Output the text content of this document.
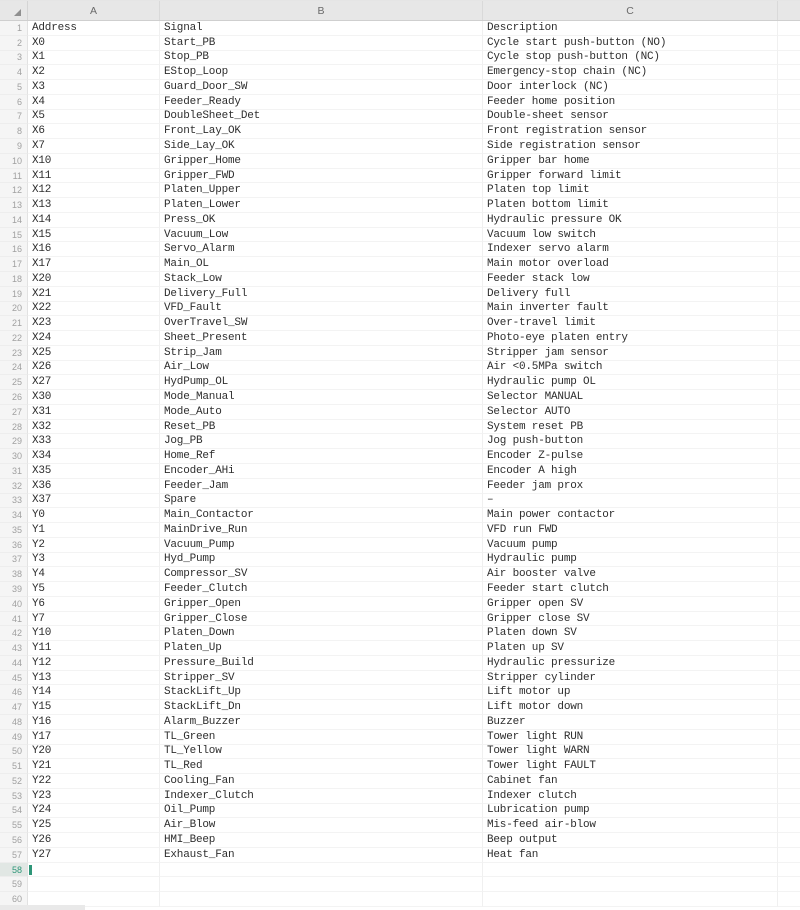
A	B	C
1 Address	Signal	Description
2 X0	Start_PB	Cycle start push-button (NO)
3 X1	Stop_PB	Cycle stop push-button (NC)
4 X2	EStop_Loop	Emergency-stop chain (NC)
5 X3	Guard_Door_SW	Door interlock (NC)
6 X4	Feeder_Ready	Feeder home position
7 X5	DoubleSheet_Det	Double-sheet sensor
8 X6	Front_Lay_OK	Front registration sensor
9 X7	Side_Lay_OK	Side registration sensor
10 X10	Gripper_Home	Gripper bar home
11 X11	Gripper_FWD	Gripper forward limit
12 X12	Platen_Upper	Platen top limit
13 X13	Platen_Lower	Platen bottom limit
14 X14	Press_OK	Hydraulic pressure OK
15 X15	Vacuum_Low	Vacuum low switch
16 X16	Servo_Alarm	Indexer servo alarm
17 X17	Main_OL	Main motor overload
18 X20	Stack_Low	Feeder stack low
19 X21	Delivery_Full	Delivery full
20 X22	VFD_Fault	Main inverter fault
21 X23	OverTravel_SW	Over-travel limit
22 X24	Sheet_Present	Photo-eye platen entry
23 X25	Strip_Jam	Stripper jam sensor
24 X26	Air_Low	Air <0.5MPa switch
25 X27	HydPump_OL	Hydraulic pump OL
26 X30	Mode_Manual	Selector MANUAL
27 X31	Mode_Auto	Selector AUTO
28 X32	Reset_PB	System reset PB
29 X33	Jog_PB	Jog push-button
30 X34	Home_Ref	Encoder Z-pulse
31 X35	Encoder_AHi	Encoder A high
32 X36	Feeder_Jam	Feeder jam prox
33 X37	Spare	–
34 Y0	Main_Contactor	Main power contactor
35 Y1	MainDrive_Run	VFD run FWD
36 Y2	Vacuum_Pump	Vacuum pump
37 Y3	Hyd_Pump	Hydraulic pump
38 Y4	Compressor_SV	Air booster valve
39 Y5	Feeder_Clutch	Feeder start clutch
40 Y6	Gripper_Open	Gripper open SV
41 Y7	Gripper_Close	Gripper close SV
42 Y10	Platen_Down	Platen down SV
43 Y11	Platen_Up	Platen up SV
44 Y12	Pressure_Build	Hydraulic pressurize
45 Y13	Stripper_SV	Stripper cylinder
46 Y14	StackLift_Up	Lift motor up
47 Y15	StackLift_Dn	Lift motor down
48 Y16	Alarm_Buzzer	Buzzer
49 Y17	TL_Green	Tower light RUN
50 Y20	TL_Yellow	Tower light WARN
51 Y21	TL_Red	Tower light FAULT
52 Y22	Cooling_Fan	Cabinet fan
53 Y23	Indexer_Clutch	Indexer clutch
54 Y24	Oil_Pump	Lubrication pump
55 Y25	Air_Blow	Mis-feed air-blow
56 Y26	HMI_Beep	Beep output
57 Y27	Exhaust_Fan	Heat fan
58
59
60
